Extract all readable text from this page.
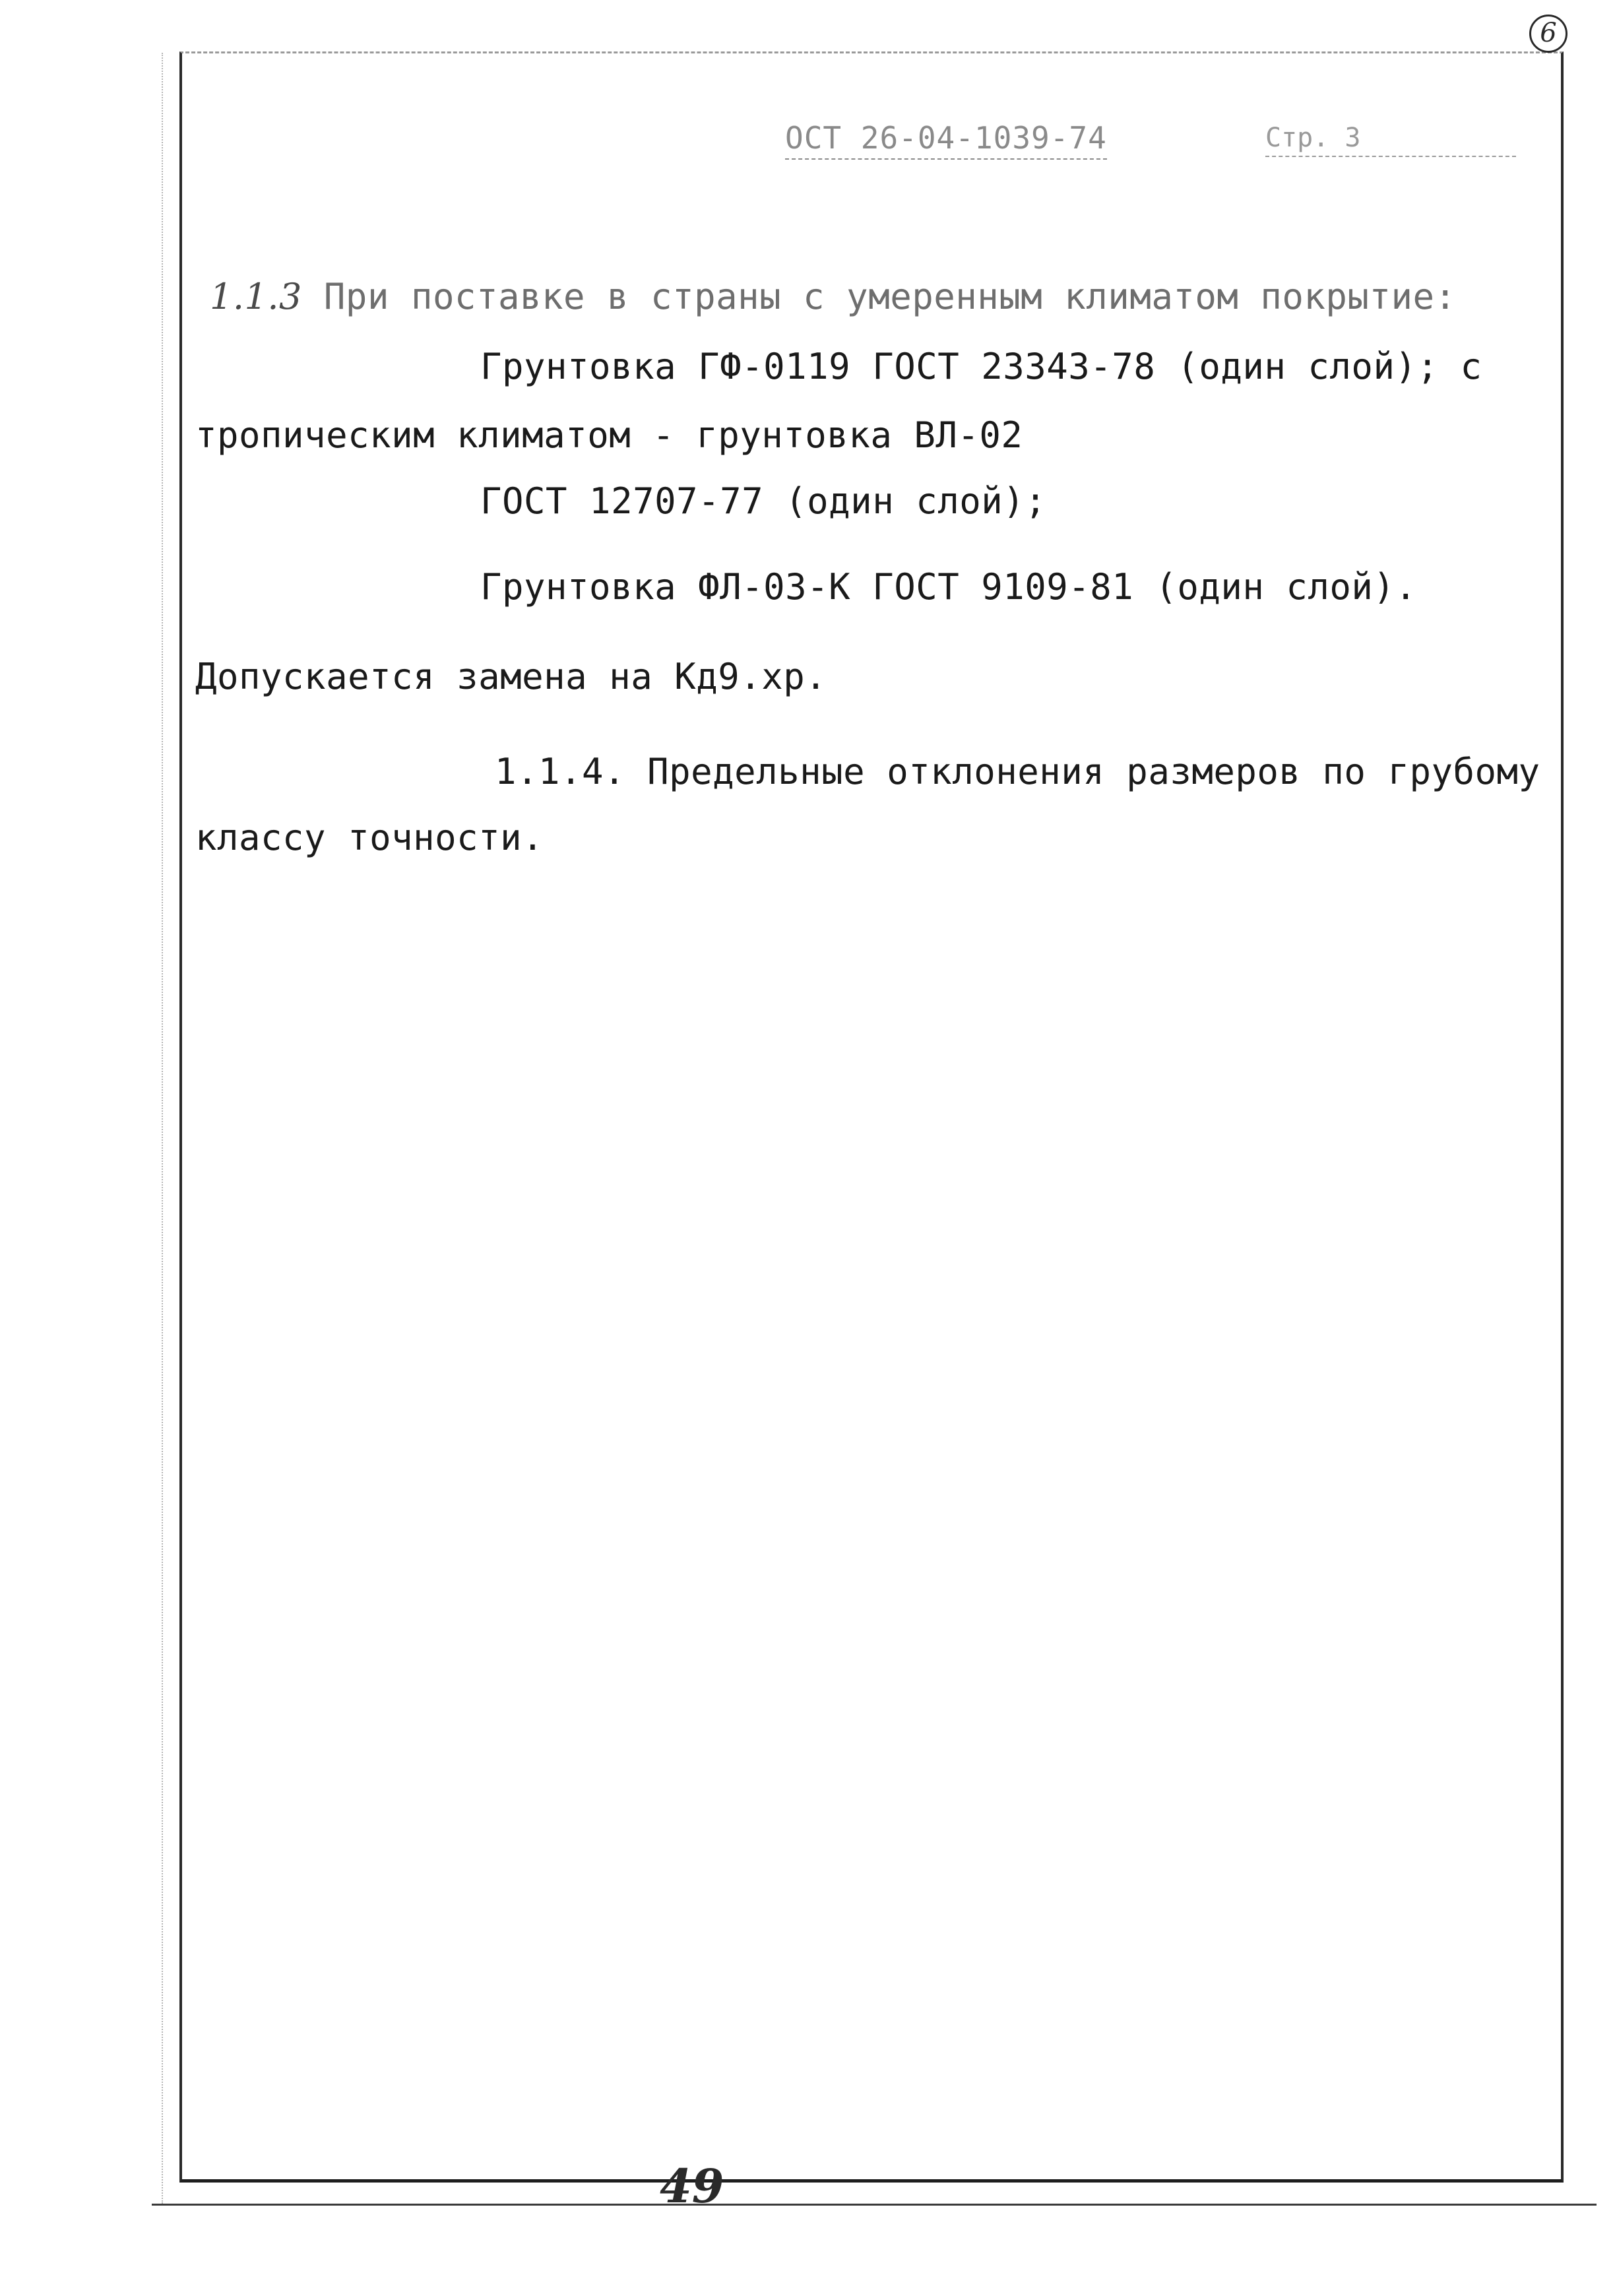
6
ОСТ 26-04-1039-74	Стр. 3
1.1.3 При поставке в страны с умеренным климатом покрытие:
Грунтовка ГФ-0119 ГОСТ 23343-78 (один слой); с
тропическим климатом - грунтовка ВЛ-02
ГОСТ 12707-77 (один слой);
Грунтовка ФЛ-03-К ГОСТ 9109-81 (один слой).
Допускается замена на Кд9.хр.
1.1.4. Предельные отклонения размеров по грубому
классу точности.
49
